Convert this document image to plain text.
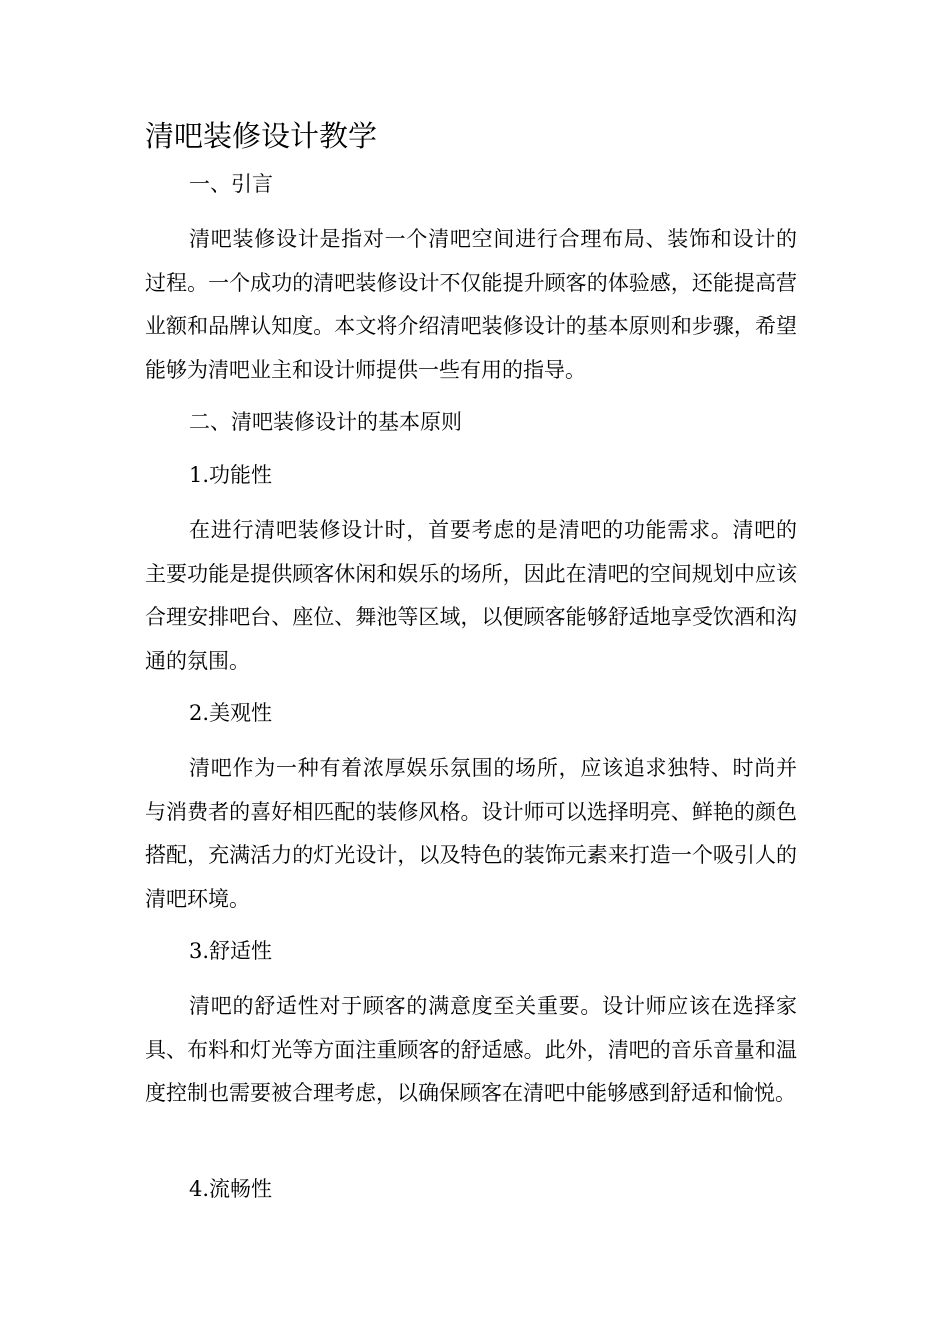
清吧装修设计教学
一、引言

清吧装修设计是指对一个清吧空间进行合理布局、装饰和设计的过程。一个成功的清吧装修设计不仅能提升顾客的体验感，还能提高营业额和品牌认知度。本文将介绍清吧装修设计的基本原则和步骤，希望能够为清吧业主和设计师提供一些有用的指导。

二、清吧装修设计的基本原则
1.功能性

在进行清吧装修设计时，首要考虑的是清吧的功能需求。清吧的主要功能是提供顾客休闲和娱乐的场所，因此在清吧的空间规划中应该合理安排吧台、座位、舞池等区域，以便顾客能够舒适地享受饮酒和沟通的氛围。

2.美观性

清吧作为一种有着浓厚娱乐氛围的场所，应该追求独特、时尚并与消费者的喜好相匹配的装修风格。设计师可以选择明亮、鲜艳的颜色搭配，充满活力的灯光设计，以及特色的装饰元素来打造一个吸引人的清吧环境。

3.舒适性

清吧的舒适性对于顾客的满意度至关重要。设计师应该在选择家具、布料和灯光等方面注重顾客的舒适感。此外，清吧的音乐音量和温度控制也需要被合理考虑，以确保顾客在清吧中能够感到舒适和愉悦。

4.流畅性
